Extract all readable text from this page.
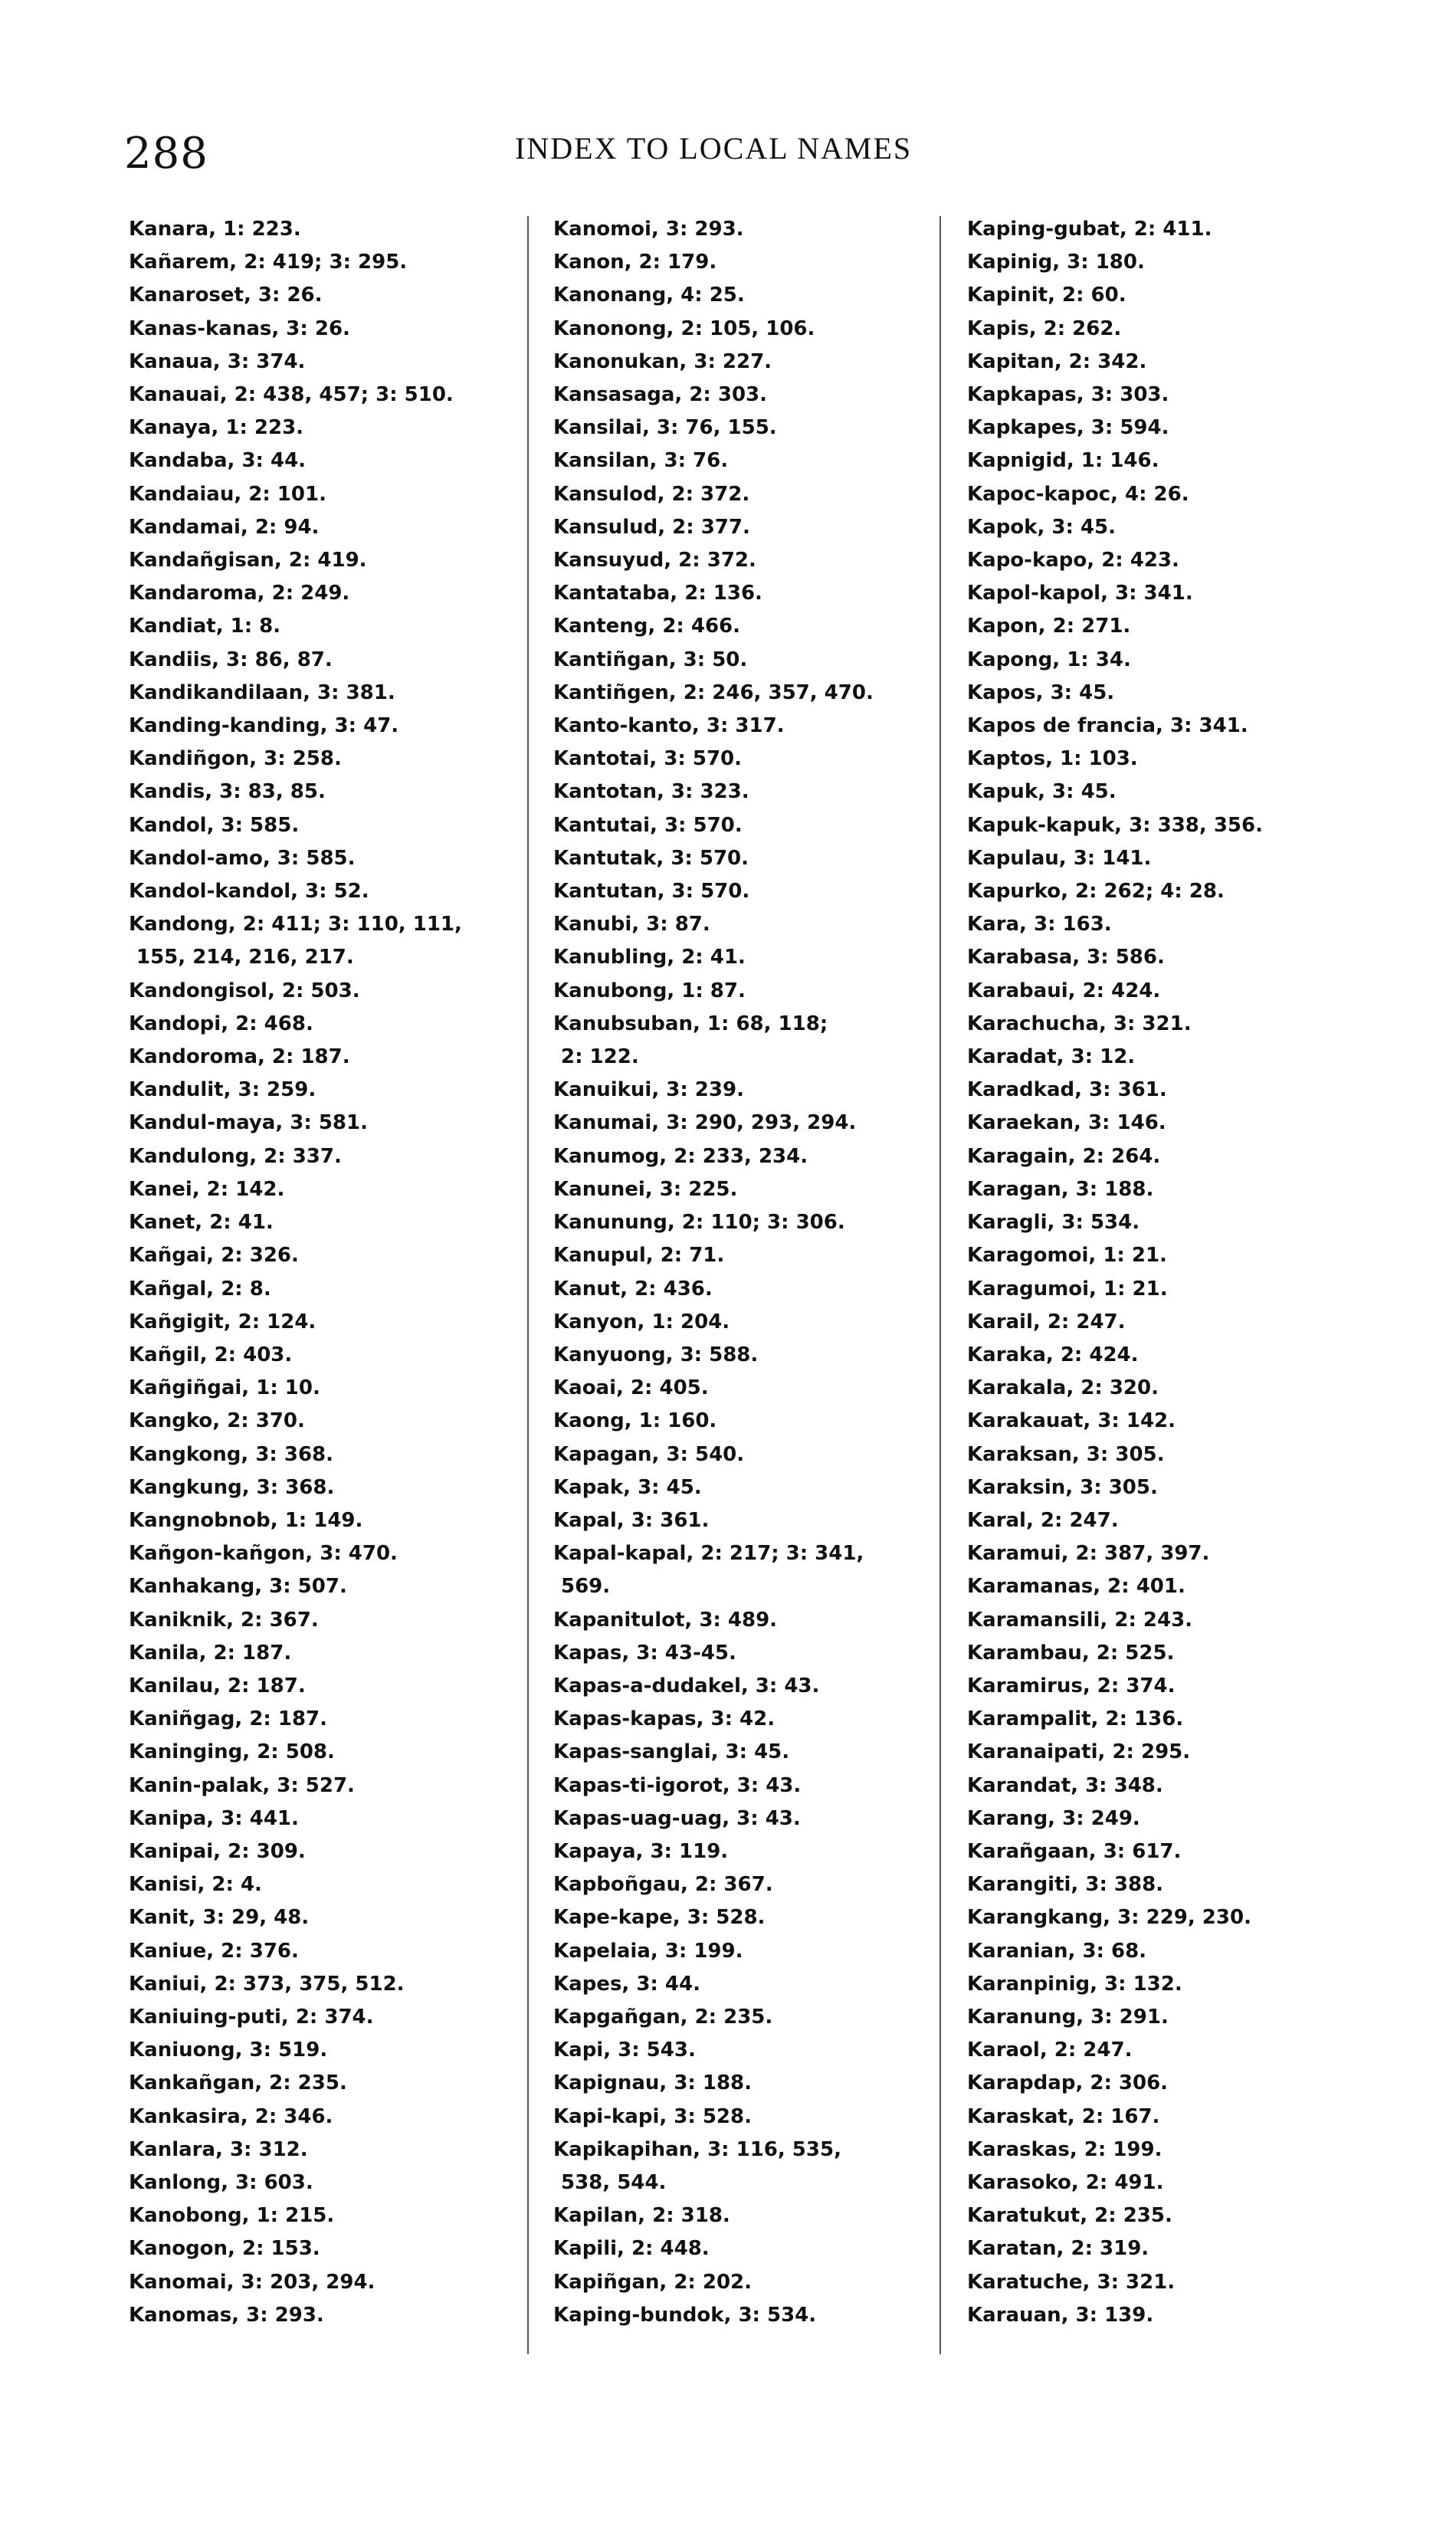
288	INDEX TO LOCAL NAMES
Kanara, 1: 223.
Kañarem, 2: 419; 3: 295.
Kanaroset, 3: 26.
Kanas-kanas, 3: 26.
Kanaua, 3: 374.
Kanauai, 2: 438, 457; 3: 510.
Kanaya, 1: 223.
Kandaba, 3: 44.
Kandaiau, 2: 101.
Kandamai, 2: 94.
Kandañgisan, 2: 419.
Kandaroma, 2: 249.
Kandiat, 1: 8.
Kandiis, 3: 86, 87.
Kandikandilaan, 3: 381.
Kanding-kanding, 3: 47.
Kandiñgon, 3: 258.
Kandis, 3: 83, 85.
Kandol, 3: 585.
Kandol-amo, 3: 585.
Kandol-kandol, 3: 52.
Kandong, 2: 411; 3: 110, 111,
155, 214, 216, 217.
Kandongisol, 2: 503.
Kandopi, 2: 468.
Kandoroma, 2: 187.
Kandulit, 3: 259.
Kandul-maya, 3: 581.
Kandulong, 2: 337.
Kanei, 2: 142.
Kanet, 2: 41.
Kañgai, 2: 326.
Kañgal, 2: 8.
Kañgigit, 2: 124.
Kañgil, 2: 403.
Kañgiñgai, 1: 10.
Kangko, 2: 370.
Kangkong, 3: 368.
Kangkung, 3: 368.
Kangnobnob, 1: 149.
Kañgon-kañgon, 3: 470.
Kanhakang, 3: 507.
Kaniknik, 2: 367.
Kanila, 2: 187.
Kanilau, 2: 187.
Kaniñgag, 2: 187.
Kaninging, 2: 508.
Kanin-palak, 3: 527.
Kanipa, 3: 441.
Kanipai, 2: 309.
Kanisi, 2: 4.
Kanit, 3: 29, 48.
Kaniue, 2: 376.
Kaniui, 2: 373, 375, 512.
Kaniuing-puti, 2: 374.
Kaniuong, 3: 519.
Kankañgan, 2: 235.
Kankasira, 2: 346.
Kanlara, 3: 312.
Kanlong, 3: 603.
Kanobong, 1: 215.
Kanogon, 2: 153.
Kanomai, 3: 203, 294.
Kanomas, 3: 293.
Kanomoi, 3: 293.
Kanon, 2: 179.
Kanonang, 4: 25.
Kanonong, 2: 105, 106.
Kanonukan, 3: 227.
Kansasaga, 2: 303.
Kansilai, 3: 76, 155.
Kansilan, 3: 76.
Kansulod, 2: 372.
Kansulud, 2: 377.
Kansuyud, 2: 372.
Kantataba, 2: 136.
Kanteng, 2: 466.
Kantiñgan, 3: 50.
Kantiñgen, 2: 246, 357, 470.
Kanto-kanto, 3: 317.
Kantotai, 3: 570.
Kantotan, 3: 323.
Kantutai, 3: 570.
Kantutak, 3: 570.
Kantutan, 3: 570.
Kanubi, 3: 87.
Kanubling, 2: 41.
Kanubong, 1: 87.
Kanubsuban, 1: 68, 118;
2: 122.
Kanuikui, 3: 239.
Kanumai, 3: 290, 293, 294.
Kanumog, 2: 233, 234.
Kanunei, 3: 225.
Kanunung, 2: 110; 3: 306.
Kanupul, 2: 71.
Kanut, 2: 436.
Kanyon, 1: 204.
Kanyuong, 3: 588.
Kaoai, 2: 405.
Kaong, 1: 160.
Kapagan, 3: 540.
Kapak, 3: 45.
Kapal, 3: 361.
Kapal-kapal, 2: 217; 3: 341,
569.
Kapanitulot, 3: 489.
Kapas, 3: 43-45.
Kapas-a-dudakel, 3: 43.
Kapas-kapas, 3: 42.
Kapas-sanglai, 3: 45.
Kapas-ti-igorot, 3: 43.
Kapas-uag-uag, 3: 43.
Kapaya, 3: 119.
Kapboñgau, 2: 367.
Kape-kape, 3: 528.
Kapelaia, 3: 199.
Kapes, 3: 44.
Kapgañgan, 2: 235.
Kapi, 3: 543.
Kapignau, 3: 188.
Kapi-kapi, 3: 528.
Kapikapihan, 3: 116, 535,
538, 544.
Kapilan, 2: 318.
Kapili, 2: 448.
Kapiñgan, 2: 202.
Kaping-bundok, 3: 534.
Kaping-gubat, 2: 411.
Kapinig, 3: 180.
Kapinit, 2: 60.
Kapis, 2: 262.
Kapitan, 2: 342.
Kapkapas, 3: 303.
Kapkapes, 3: 594.
Kapnigid, 1: 146.
Kapoc-kapoc, 4: 26.
Kapok, 3: 45.
Kapo-kapo, 2: 423.
Kapol-kapol, 3: 341.
Kapon, 2: 271.
Kapong, 1: 34.
Kapos, 3: 45.
Kapos de francia, 3: 341.
Kaptos, 1: 103.
Kapuk, 3: 45.
Kapuk-kapuk, 3: 338, 356.
Kapulau, 3: 141.
Kapurko, 2: 262; 4: 28.
Kara, 3: 163.
Karabasa, 3: 586.
Karabaui, 2: 424.
Karachucha, 3: 321.
Karadat, 3: 12.
Karadkad, 3: 361.
Karaekan, 3: 146.
Karagain, 2: 264.
Karagan, 3: 188.
Karagli, 3: 534.
Karagomoi, 1: 21.
Karagumoi, 1: 21.
Karail, 2: 247.
Karaka, 2: 424.
Karakala, 2: 320.
Karakauat, 3: 142.
Karaksan, 3: 305.
Karaksin, 3: 305.
Karal, 2: 247.
Karamui, 2: 387, 397.
Karamanas, 2: 401.
Karamansili, 2: 243.
Karambau, 2: 525.
Karamirus, 2: 374.
Karampalit, 2: 136.
Karanaipati, 2: 295.
Karandat, 3: 348.
Karang, 3: 249.
Karañgaan, 3: 617.
Karangiti, 3: 388.
Karangkang, 3: 229, 230.
Karanian, 3: 68.
Karanpinig, 3: 132.
Karanung, 3: 291.
Karaol, 2: 247.
Karapdap, 2: 306.
Karaskat, 2: 167.
Karaskas, 2: 199.
Karasoko, 2: 491.
Karatukut, 2: 235.
Karatan, 2: 319.
Karatuche, 3: 321.
Karauan, 3: 139.
